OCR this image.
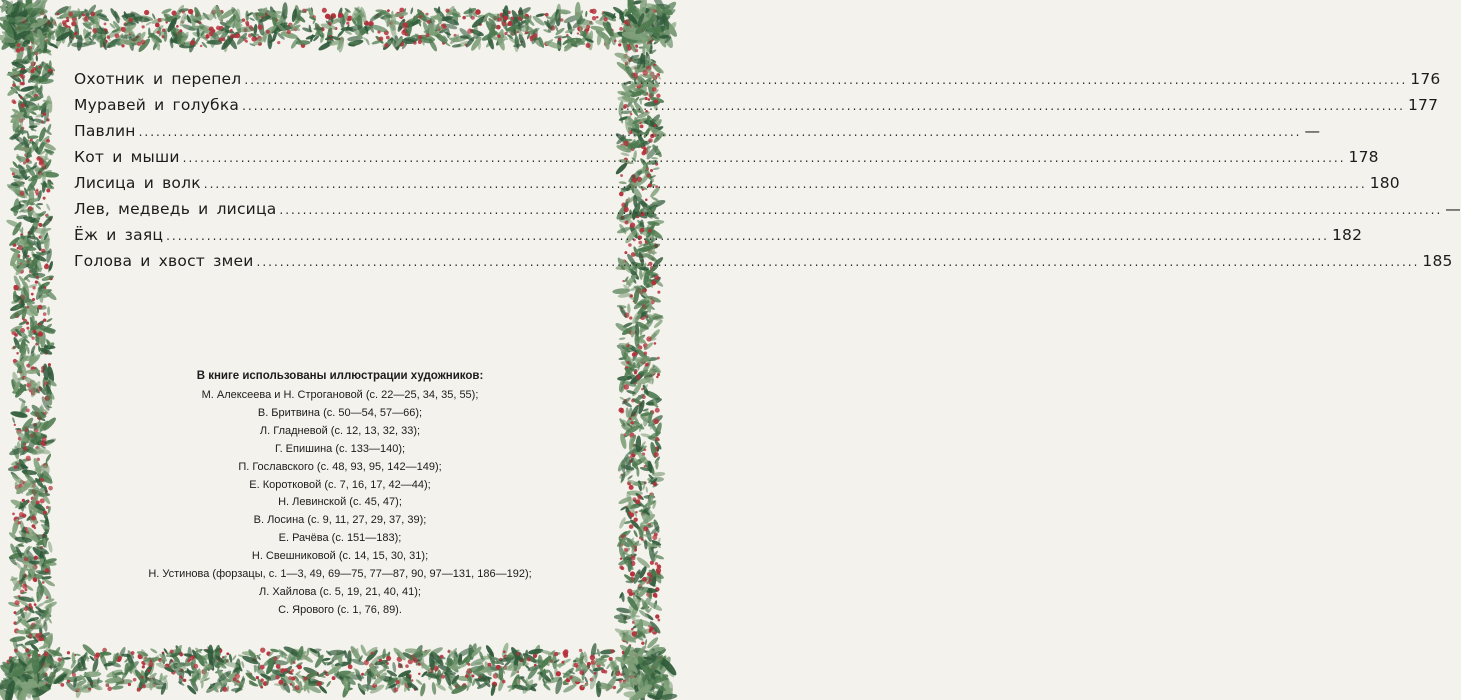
Охотник и перепел ........................................................................................................................................................................................................ 176
Муравей и голубка ........................................................................................................................................................................................................ 177
Павлин ........................................................................................................................................................................................................ —
Кот и мыши ........................................................................................................................................................................................................ 178
Лисица и волк ........................................................................................................................................................................................................ 180
Лев, медведь и лисица ........................................................................................................................................................................................................ —
Ёж и заяц ........................................................................................................................................................................................................ 182
Голова и хвост змеи ........................................................................................................................................................................................................ 185
В книге использованы иллюстрации художников:
М. Алексеева и Н. Строгановой (с. 22—25, 34, 35, 55);
В. Бритвина (с. 50—54, 57—66);
Л. Гладневой (с. 12, 13, 32, 33);
Г. Епишина (с. 133—140);
П. Гославского (с. 48, 93, 95, 142—149);
Е. Коротковой (с. 7, 16, 17, 42—44);
Н. Левинской (с. 45, 47);
В. Лосина (с. 9, 11, 27, 29, 37, 39);
Е. Рачёва (с. 151—183);
Н. Свешниковой (с. 14, 15, 30, 31);
Н. Устинова (форзацы, с. 1—3, 49, 69—75, 77—87, 90, 97—131, 186—192);
Л. Хайлова (с. 5, 19, 21, 40, 41);
С. Ярового (с. 1, 76, 89).
